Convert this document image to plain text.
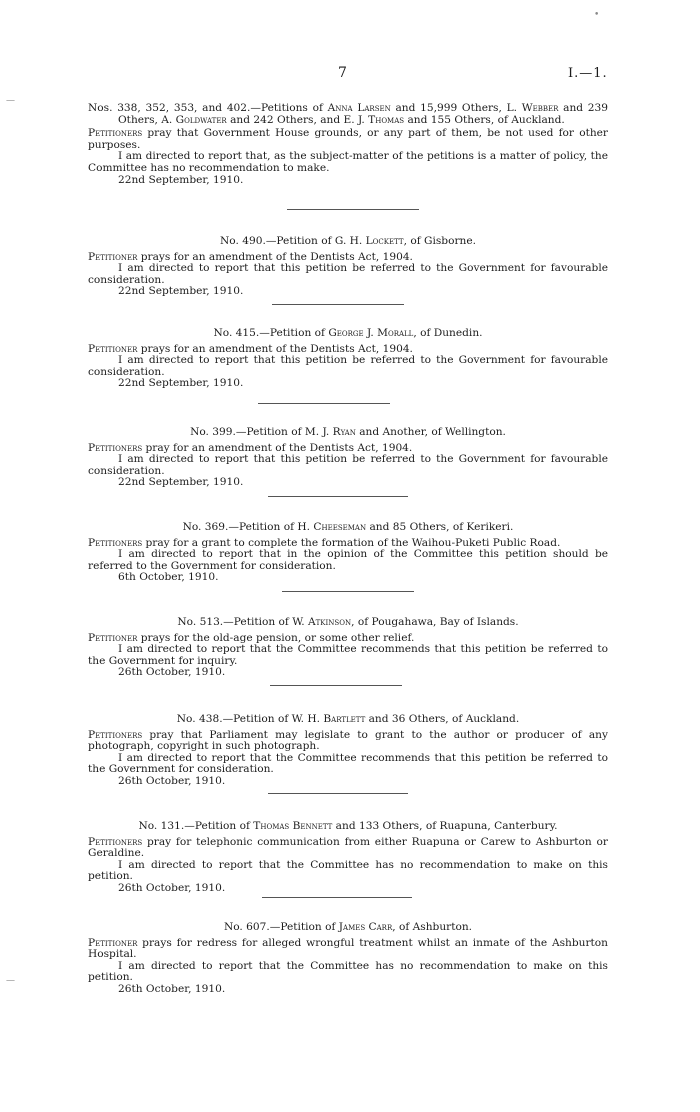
7	I.—1.

Nos. 338, 352, 353, and 402.—Petitions of Anna Larsen and 15,999 Others, L. Webber and 239 Others, A. Goldwater and 242 Others, and E. J. Thomas and 155 Others, of Auckland.

Petitioners pray that Government House grounds, or any part of them, be not used for other purposes.

I am directed to report that, as the subject-matter of the petitions is a matter of policy, the Committee has no recommendation to make.

22nd September, 1910.

No. 490.—Petition of G. H. Lockett, of Gisborne.

Petitioner prays for an amendment of the Dentists Act, 1904.

I am directed to report that this petition be referred to the Government for favourable consideration.

22nd September, 1910.

No. 415.—Petition of George J. Morall, of Dunedin.

Petitioner prays for an amendment of the Dentists Act, 1904.

I am directed to report that this petition be referred to the Government for favourable consideration.

22nd September, 1910.

No. 399.—Petition of M. J. Ryan and Another, of Wellington.

Petitioners pray for an amendment of the Dentists Act, 1904.

I am directed to report that this petition be referred to the Government for favourable consideration.

22nd September, 1910.

No. 369.—Petition of H. Cheeseman and 85 Others, of Kerikeri.

Petitioners pray for a grant to complete the formation of the Waihou-Puketi Public Road.

I am directed to report that in the opinion of the Committee this petition should be referred to the Government for consideration.

6th October, 1910.

No. 513.—Petition of W. Atkinson, of Pougahawa, Bay of Islands.

Petitioner prays for the old-age pension, or some other relief.

I am directed to report that the Committee recommends that this petition be referred to the Government for inquiry.

26th October, 1910.

No. 438.—Petition of W. H. Bartlett and 36 Others, of Auckland.

Petitioners pray that Parliament may legislate to grant to the author or producer of any photograph, copyright in such photograph.

I am directed to report that the Committee recommends that this petition be referred to the Government for consideration.

26th October, 1910.

No. 131.—Petition of Thomas Bennett and 133 Others, of Ruapuna, Canterbury.

Petitioners pray for telephonic communication from either Ruapuna or Carew to Ashburton or Geraldine.

I am directed to report that the Committee has no recommendation to make on this petition.

26th October, 1910.

No. 607.—Petition of James Carr, of Ashburton.

Petitioner prays for redress for alleged wrongful treatment whilst an inmate of the Ashburton Hospital.

I am directed to report that the Committee has no recommendation to make on this petition.

26th October, 1910.

•
—
—
